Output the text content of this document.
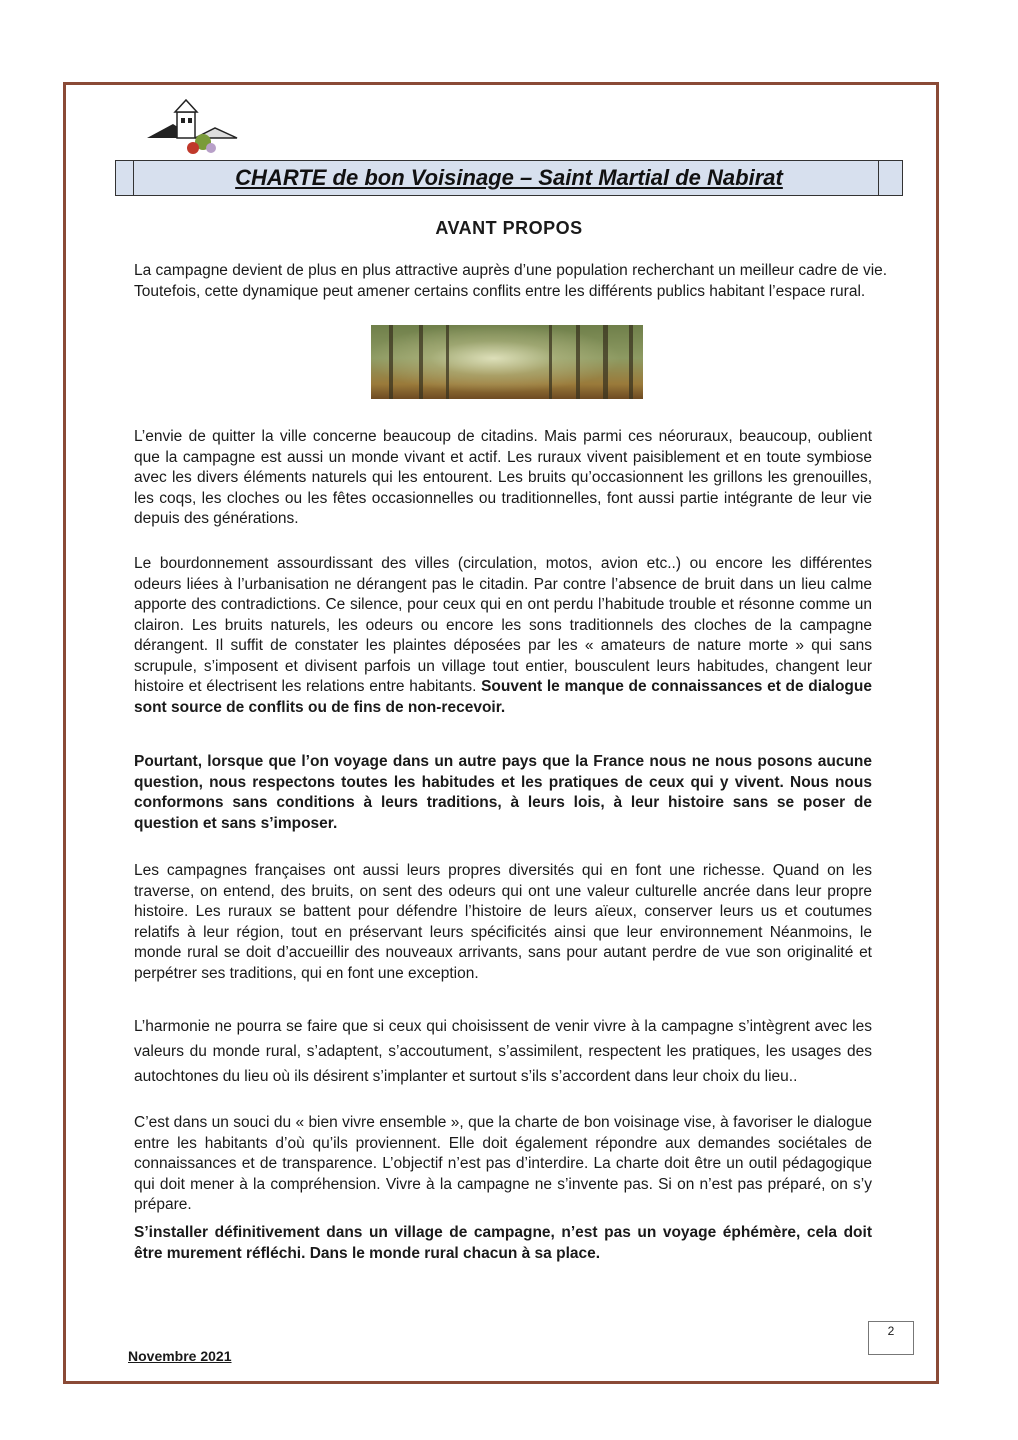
CHARTE de bon Voisinage – Saint Martial de Nabirat
AVANT PROPOS
La campagne devient de plus en plus attractive auprès d’une population recherchant un meilleur cadre de vie. Toutefois, cette dynamique peut amener certains conflits entre les différents publics habitant l’espace rural.
L’envie de quitter la ville concerne beaucoup de citadins. Mais parmi ces néoruraux, beaucoup, oublient que la campagne est aussi un monde vivant et actif. Les ruraux vivent paisiblement et en toute symbiose avec les divers éléments naturels qui les entourent. Les bruits qu’occasionnent les grillons les grenouilles, les coqs, les cloches ou les fêtes occasionnelles ou traditionnelles, font aussi partie intégrante de leur vie depuis des générations.
Le bourdonnement assourdissant des villes (circulation, motos, avion etc..) ou encore les différentes odeurs liées à l’urbanisation ne dérangent pas le citadin. Par contre l’absence de bruit dans un lieu calme apporte des contradictions. Ce silence, pour ceux qui en ont perdu l’habitude trouble et résonne comme un clairon. Les bruits naturels, les odeurs ou encore les sons traditionnels des cloches de la campagne dérangent. Il suffit de constater les plaintes déposées par les « amateurs de nature morte » qui sans scrupule, s’imposent et divisent parfois un village tout entier, bousculent leurs habitudes, changent leur histoire et électrisent les relations entre habitants. Souvent le manque de connaissances et de dialogue sont source de conflits ou de fins de non-recevoir.
Pourtant, lorsque que l’on voyage dans un autre pays que la France nous ne nous posons aucune question, nous respectons toutes les habitudes et les pratiques de ceux qui y vivent. Nous nous conformons sans conditions à leurs traditions, à leurs lois, à leur histoire sans se poser de question et sans s’imposer.
Les campagnes françaises ont aussi leurs propres diversités qui en font une richesse. Quand on les traverse, on entend, des bruits, on sent des odeurs qui ont une valeur culturelle ancrée dans leur propre histoire. Les ruraux se battent pour défendre l’histoire de leurs aïeux, conserver leurs us et coutumes relatifs à leur région, tout en préservant leurs spécificités ainsi que leur environnement Néanmoins, le monde rural se doit d’accueillir des nouveaux arrivants, sans pour autant perdre de vue son originalité et perpétrer ses traditions, qui en font une exception.
L’harmonie ne pourra se faire que si ceux qui choisissent de venir vivre à la campagne s’intègrent avec les valeurs du monde rural, s’adaptent, s’accoutument, s’assimilent, respectent les pratiques, les usages des autochtones du lieu où ils désirent s’implanter et surtout s’ils s’accordent dans leur choix du lieu..
C’est dans un souci du « bien vivre ensemble », que la charte de bon voisinage vise, à favoriser le dialogue entre les habitants d’où qu’ils proviennent. Elle doit également répondre aux demandes sociétales de connaissances et de transparence. L’objectif n’est pas d’interdire. La charte doit être un outil pédagogique qui doit mener à la compréhension. Vivre à la campagne ne s’invente pas. Si on n’est pas préparé, on s’y prépare.
S’installer définitivement dans un village de campagne, n’est pas un voyage éphémère, cela doit être murement réfléchi. Dans le monde rural chacun à sa place.
Novembre 2021
2
